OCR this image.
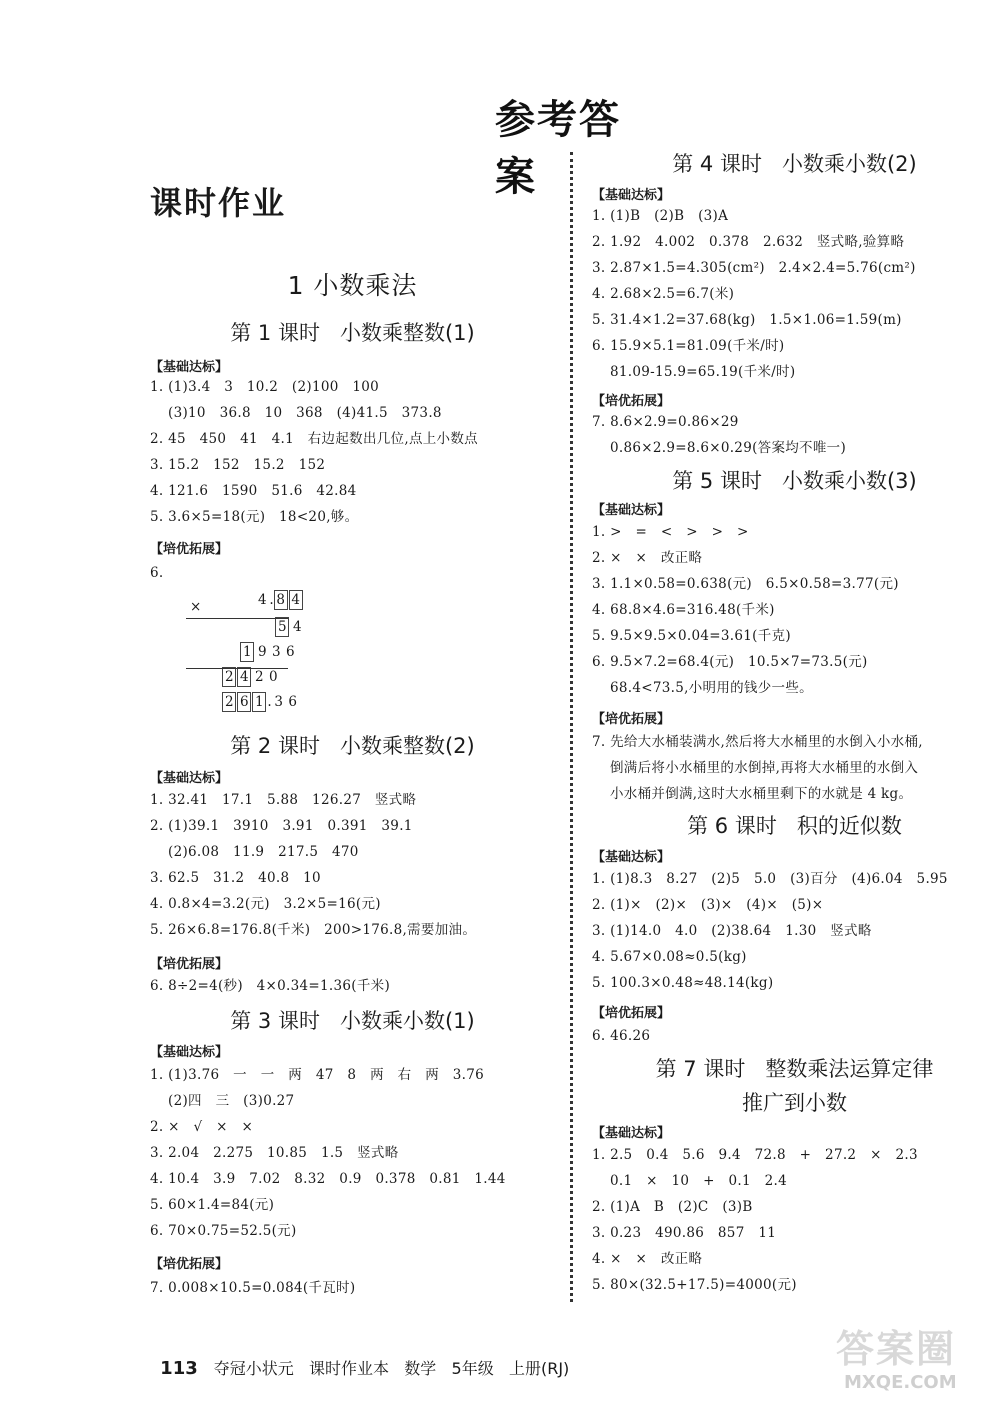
参考答案
课时作业
1 小数乘法
第 1 课时   小数乘整数(1)
【基础达标】
1. (1)3.4   3   10.2   (2)100   100
(3)10   36.8   10   368   (4)41.5   373.8
2. 45   450   41   4.1   右边起数出几位,点上小数点
3. 15.2   152   15.2   152
4. 121.6   1590   51.6   42.84
5. 3.6×5=18(元)   18<20,够。
【培优拓展】
6.

4 . 8 4

×

5 4

1 9 3 6

2 4 2 0

2 6 1 . 3 6

第 2 课时   小数乘整数(2)
【基础达标】
1. 32.41   17.1   5.88   126.27   竖式略
2. (1)39.1   3910   3.91   0.391   39.1
(2)6.08   11.9   217.5   470
3. 62.5   31.2   40.8   10
4. 0.8×4=3.2(元)   3.2×5=16(元)
5. 26×6.8=176.8(千米)   200>176.8,需要加油。
【培优拓展】
6. 8÷2=4(秒)   4×0.34=1.36(千米)
第 3 课时   小数乘小数(1)
【基础达标】
1. (1)3.76   一   一   两   47   8   两   右   两   3.76
(2)四   三   (3)0.27
2. ×   √   ×   ×
3. 2.04   2.275   10.85   1.5   竖式略
4. 10.4   3.9   7.02   8.32   0.9   0.378   0.81   1.44
5. 60×1.4=84(元)
6. 70×0.75=52.5(元)
【培优拓展】
7. 0.008×10.5=0.084(千瓦时)
第 4 课时   小数乘小数(2)
【基础达标】
1. (1)B   (2)B   (3)A
2. 1.92   4.002   0.378   2.632   竖式略,验算略
3. 2.87×1.5=4.305(cm²)   2.4×2.4=5.76(cm²)
4. 2.68×2.5=6.7(米)
5. 31.4×1.2=37.68(kg)   1.5×1.06=1.59(m)
6. 15.9×5.1=81.09(千米/时)
81.09-15.9=65.19(千米/时)
【培优拓展】
7. 8.6×2.9=0.86×29
0.86×2.9=8.6×0.29(答案均不唯一)
第 5 课时   小数乘小数(3)
【基础达标】
1. >   =   <   >   >   >
2. ×   ×   改正略
3. 1.1×0.58=0.638(元)   6.5×0.58=3.77(元)
4. 68.8×4.6=316.48(千米)
5. 9.5×9.5×0.04=3.61(千克)
6. 9.5×7.2=68.4(元)   10.5×7=73.5(元)
68.4<73.5,小明用的钱少一些。
【培优拓展】
7. 先给大水桶装满水,然后将大水桶里的水倒入小水桶,
倒满后将小水桶里的水倒掉,再将大水桶里的水倒入
小水桶并倒满,这时大水桶里剩下的水就是 4 kg。
第 6 课时   积的近似数
【基础达标】
1. (1)8.3   8.27   (2)5   5.0   (3)百分   (4)6.04   5.95
2. (1)×   (2)×   (3)×   (4)×   (5)×
3. (1)14.0   4.0   (2)38.64   1.30   竖式略
4. 5.67×0.08≈0.5(kg)
5. 100.3×0.48≈48.14(kg)
【培优拓展】
6. 46.26
第 7 课时   整数乘法运算定律
推广到小数
【基础达标】
1. 2.5   0.4   5.6   9.4   72.8   +   27.2   ×   2.3
0.1   ×   10   +   0.1   2.4
2. (1)A   B   (2)C   (3)B
3. 0.23   490.86   857   11
4. ×   ×   改正略
5. 80×(32.5+17.5)=4000(元)

113 夺冠小状元   课时作业本   数学   5年级   上册(RJ)	答案圈
MXQE.COM
